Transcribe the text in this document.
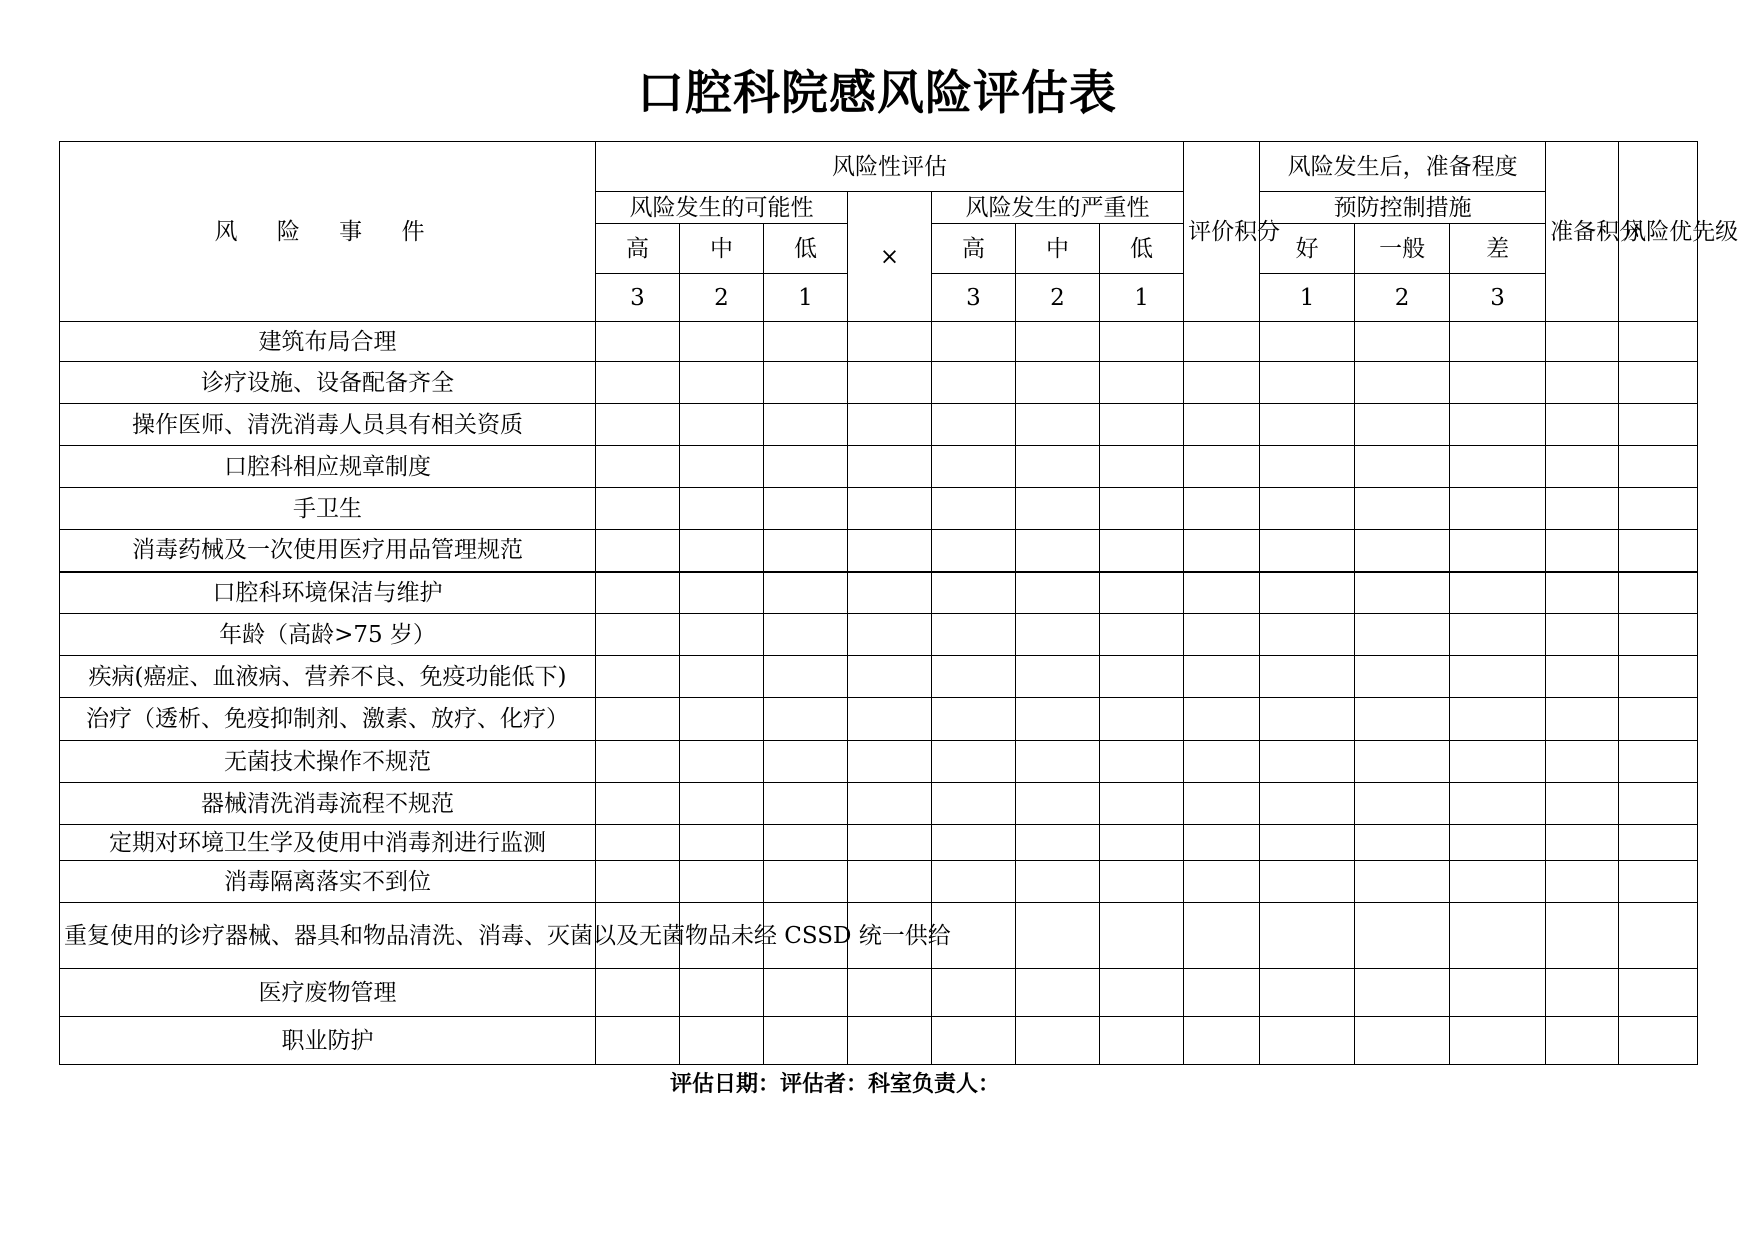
口腔科院感风险评估表
风 险 事 件	风险性评估							评价积分	风险发生后，准备程度			准备积分	风险优先级
	风险发生的可能性			×	风险发生的严重性				预防控制措施				
	高	中	低		高	中	低		好	一般	差		
	3	2	1		3	2	1		1	2	3		
建筑布局合理													
诊疗设施、设备配备齐全													
操作医师、清洗消毒人员具有相关资质													
口腔科相应规章制度													
手卫生													
消毒药械及一次使用医疗用品管理规范													
口腔科环境保洁与维护													
年龄（高龄>75 岁）													
疾病(癌症、血液病、营养不良、免疫功能低下)													
治疗（透析、免疫抑制剂、激素、放疗、化疗）													
无菌技术操作不规范													
器械清洗消毒流程不规范													
定期对环境卫生学及使用中消毒剂进行监测													
消毒隔离落实不到位													
重复使用的诊疗器械、器具和物品清洗、消毒、灭菌以及无菌物品未经 CSSD 统一供给													
医疗废物管理													
职业防护													
评估日期：评估者：科室负责人：
